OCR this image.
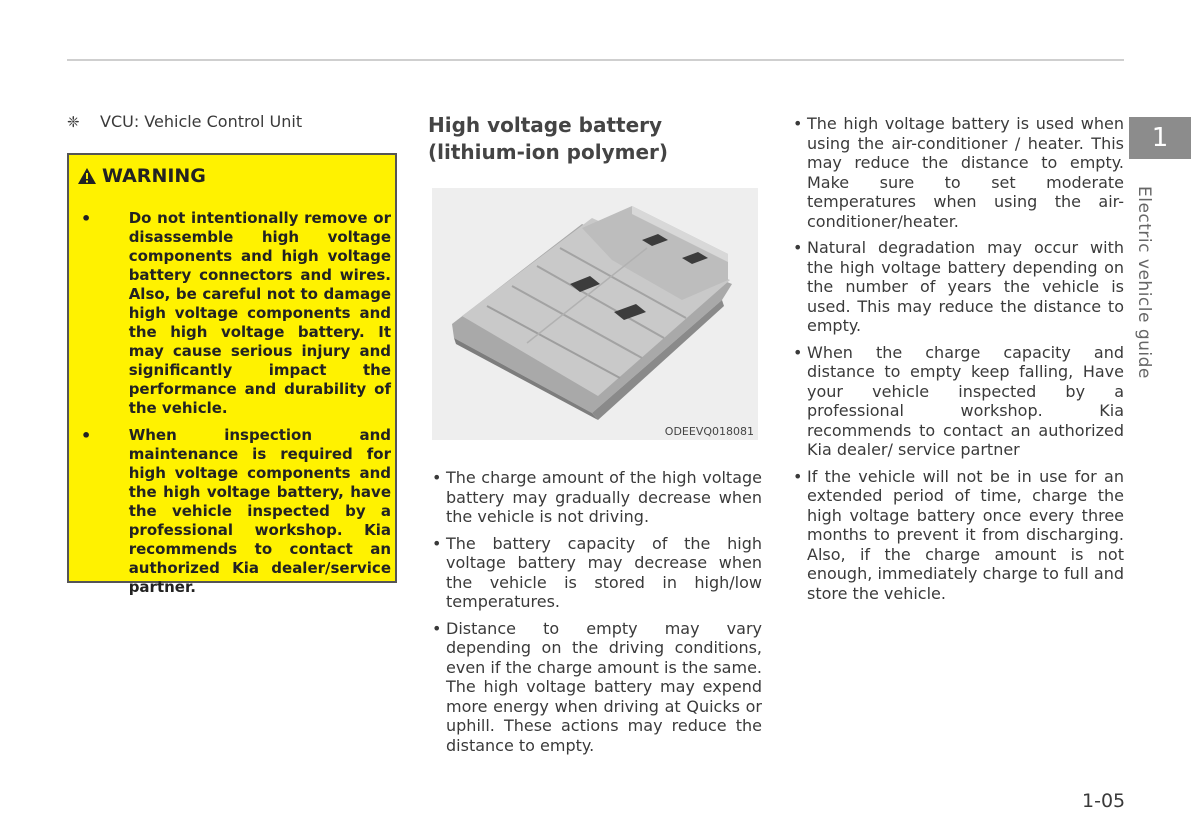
❈	VCU: Vehicle Control Unit
WARNING
•	Do not intentionally remove or disassemble high voltage components and high voltage battery connectors and wires. Also, be careful not to damage high voltage components and the high voltage battery. It may cause serious injury and significantly impact the performance and durability of the vehicle.
•	When inspection and maintenance is required for high voltage components and the high voltage battery, have the vehicle inspected by a professional workshop. Kia recommends to contact an authorized Kia dealer/service partner.
High voltage battery (lithium-ion polymer)
ODEEVQ018081
• The charge amount of the high voltage battery may gradually decrease when the vehicle is not driving.
• The battery capacity of the high voltage battery may decrease when the vehicle is stored in high/low temperatures.
• Distance to empty may vary depending on the driving conditions, even if the charge amount is the same. The high voltage battery may expend more energy when driving at Quicks or uphill. These actions may reduce the distance to empty.
• The high voltage battery is used when using the air-conditioner / heater. This may reduce the distance to empty. Make sure to set moderate temperatures when using the air-conditioner/heater.
• Natural degradation may occur with the high voltage battery depending on the number of years the vehicle is used. This may reduce the distance to empty.
• When the charge capacity and distance to empty keep falling, Have your vehicle inspected by a professional workshop. Kia recommends to contact an authorized Kia dealer/ service partner
• If the vehicle will not be in use for an extended period of time, charge the high voltage battery once every three months to prevent it from discharging. Also, if the charge amount is not enough, immediately charge to full and store the vehicle.
1
Electric vehicle guide
1-05
